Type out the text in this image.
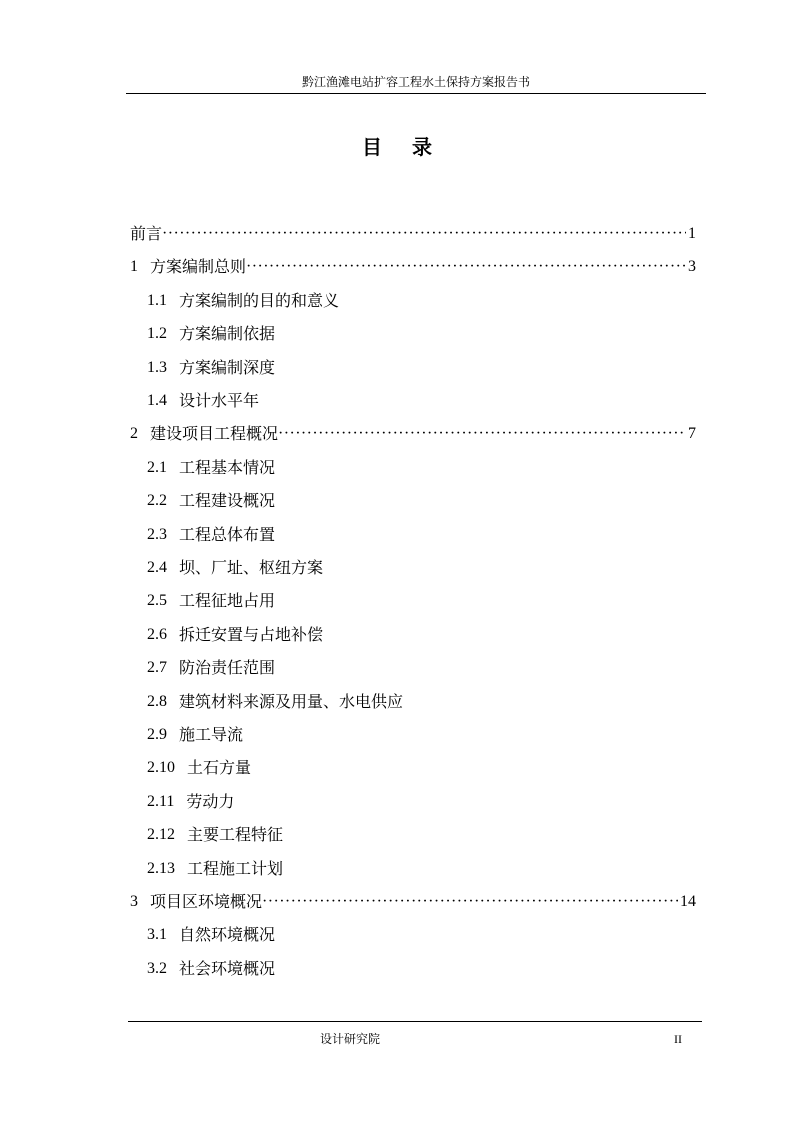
黔江渔滩电站扩容工程水土保持方案报告书
目录
前言 ·····	1
1 方案编制总则 ·····	3
1.1 方案编制的目的和意义
1.2 方案编制依据
1.3 方案编制深度
1.4 设计水平年
2 建设项目工程概况 ·····	7
2.1 工程基本情况
2.2 工程建设概况
2.3 工程总体布置
2.4 坝、厂址、枢纽方案
2.5 工程征地占用
2.6 拆迁安置与占地补偿
2.7 防治责任范围
2.8 建筑材料来源及用量、水电供应
2.9 施工导流
2.10 土石方量
2.11 劳动力
2.12 主要工程特征
2.13 工程施工计划
3 项目区环境概况 ·····	14
3.1 自然环境概况
3.2 社会环境概况
设计研究院	II
